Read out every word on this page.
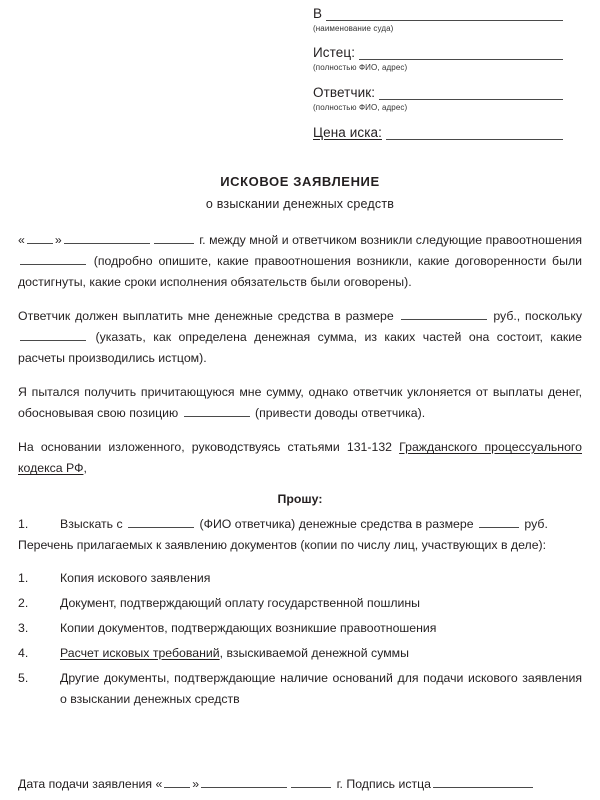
В
(наименование суда)
Истец:
(полностью ФИО, адрес)
Ответчик:
(полностью ФИО, адрес)
Цена иска:
ИСКОВОЕ ЗАЯВЛЕНИЕ
о взыскании денежных средств

« »	г. между мной и ответчиком возникли следующие правоотношения  (подробно опишите, какие правоотношения возникли, какие договоренности были достигнуты, какие сроки исполнения обязательств были оговорены).

Ответчик должен выплатить мне денежные средства в размере	руб., поскольку  (указать, как определена денежная сумма, из каких частей она состоит, какие расчеты производились истцом).

Я пытался получить причитающуюся мне сумму, однако ответчик уклоняется от выплаты денег, обосновывая свою позицию	(привести доводы ответчика).

На основании изложенного, руководствуясь статьями 131-132 Гражданского процессуального кодекса РФ,

Прошу:
1.	Взыскать с	(ФИО ответчика) денежные средства в размере	руб.

Перечень прилагаемых к заявлению документов (копии по числу лиц, участвующих в деле):

1.	Копия искового заявления
2.	Документ, подтверждающий оплату государственной пошлины
3.	Копии документов, подтверждающих возникшие правоотношения
4.	Расчет исковых требований, взыскиваемой денежной суммы
5.	Другие документы, подтверждающие наличие оснований для подачи искового заявления о взыскании денежных средств
Дата подачи заявления « »	г. Подпись истца
